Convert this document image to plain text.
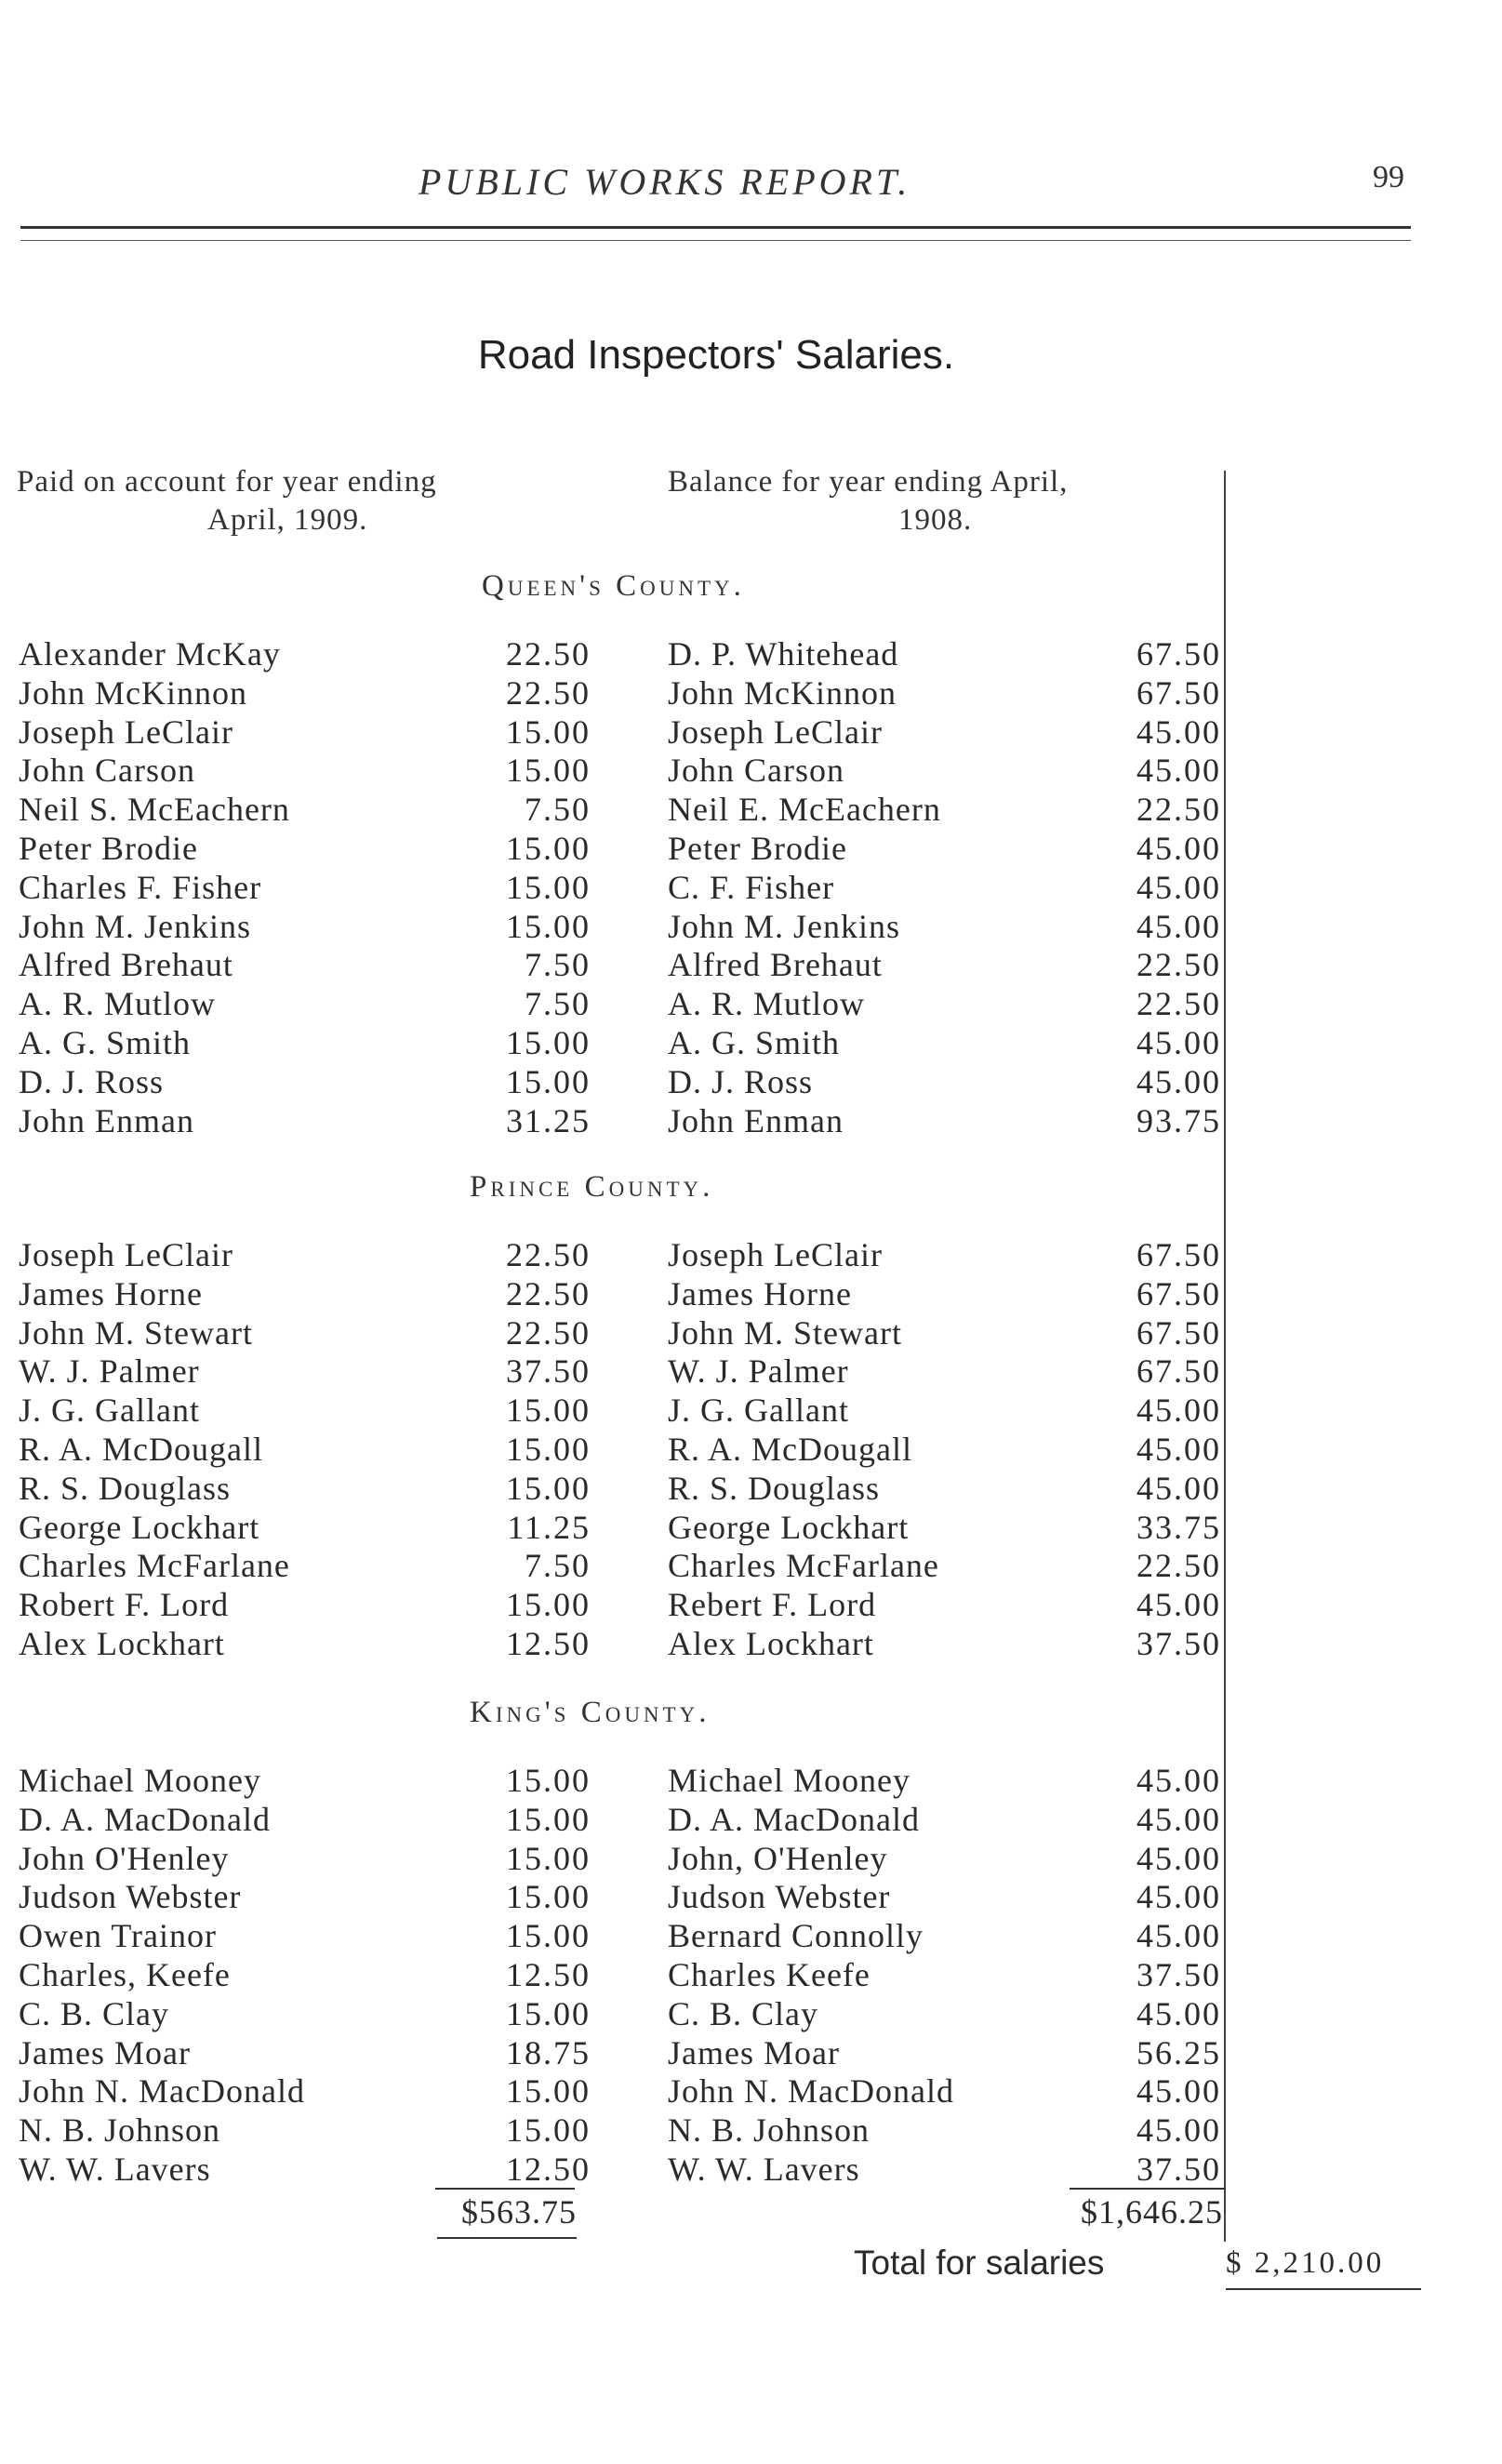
PUBLIC WORKS REPORT.	99
Road Inspectors' Salaries.
Paid on account for year ending
April, 1909.
Balance for year ending April,
1908.
Queen's County.
Alexander McKay	22.50 D. P. Whitehead	67.50
John McKinnon	22.50 John McKinnon	67.50
Joseph LeClair	15.00 Joseph LeClair	45.00
John Carson	15.00 John Carson	45.00
Neil S. McEachern	7.50 Neil E. McEachern	22.50
Peter Brodie	15.00 Peter Brodie	45.00
Charles F. Fisher	15.00 C. F. Fisher	45.00
John M. Jenkins	15.00 John M. Jenkins	45.00
Alfred Brehaut	7.50 Alfred Brehaut	22.50
A. R. Mutlow	7.50 A. R. Mutlow	22.50
A. G. Smith	15.00 A. G. Smith	45.00
D. J. Ross	15.00 D. J. Ross	45.00
John Enman	31.25 John Enman	93.75
Prince County.
Joseph LeClair	22.50 Joseph LeClair	67.50
James Horne	22.50 James Horne	67.50
John M. Stewart	22.50 John M. Stewart	67.50
W. J. Palmer	37.50 W. J. Palmer	67.50
J. G. Gallant	15.00 J. G. Gallant	45.00
R. A. McDougall	15.00 R. A. McDougall	45.00
R. S. Douglass	15.00 R. S. Douglass	45.00
George Lockhart	11.25 George Lockhart	33.75
Charles McFarlane	7.50 Charles McFarlane	22.50
Robert F. Lord	15.00 Rebert F. Lord	45.00
Alex Lockhart	12.50 Alex Lockhart	37.50
King's County.
Michael Mooney	15.00 Michael Mooney	45.00
D. A. MacDonald	15.00 D. A. MacDonald	45.00
John O'Henley	15.00 John, O'Henley	45.00
Judson Webster	15.00 Judson Webster	45.00
Owen Trainor	15.00 Bernard Connolly	45.00
Charles, Keefe	12.50 Charles Keefe	37.50
C. B. Clay	15.00 C. B. Clay	45.00
James Moar	18.75 James Moar	56.25
John N. MacDonald	15.00 John N. MacDonald	45.00
N. B. Johnson	15.00 N. B. Johnson	45.00
W. W. Lavers	12.50 W. W. Lavers	37.50
$563.75	$1,646.25
Total for salaries	$ 2,210.00
